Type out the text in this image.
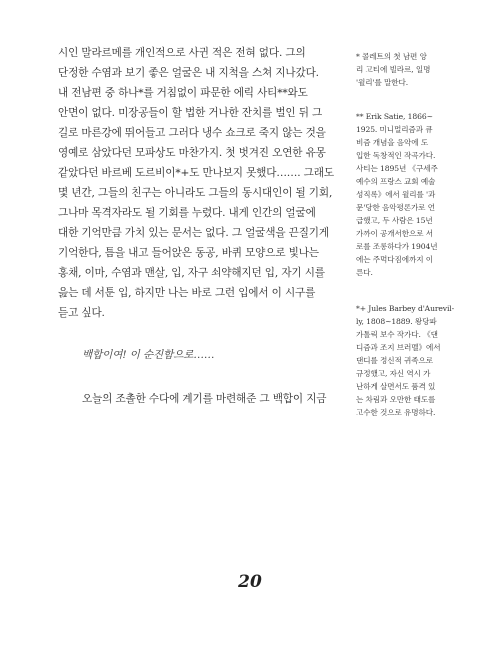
시인 말라르메를 개인적으로 사귄 적은 전혀 없다. 그의
단정한 수염과 보기 좋은 얼굴은 내 지척을 스쳐 지나갔다.
내 전남편 중 하나*를 거침없이 파문한 에릭 사티**와도
안면이 없다. 미장공들이 할 법한 거나한 잔치를 벌인 뒤 그
길로 마른강에 뛰어들고 그러다 냉수 쇼크로 죽지 않는 것을
영예로 삼았다던 모파상도 마찬가지. 첫 벗겨진 오연한 유몽
같았다던 바르베 도르비이*+도 만나보지 못했다……. 그래도
몇 년간, 그들의 친구는 아니라도 그들의 동시대인이 될 기회,
그나마 목격자라도 될 기회를 누렸다. 내게 인간의 얼굴에
대한 기억만큼 가치 있는 문서는 없다. 그 얼굴색을 끈질기게
기억한다, 틈을 내고 들어앉은 동공, 바퀴 모양으로 빛나는
홍채, 이마, 수염과 맨살, 입, 자구 쇠약해지던 입, 자기 시를
읊는 데 서툰 입, 하지만 나는 바로 그런 입에서 이 시구를
듣고 싶다.
백합이여! 이 순진함으로……
오늘의 조촐한 수다에 계기를 마련해준 그 백합이 지금
* 콜레트의 첫 남편 앙
리 고티에 빌라르, 일명
'윌리'를 말한다.
** Erik Satie, 1866~
1925. 미니멀리즘과 큐
비즘 개념을 음악에 도
입한 독창적인 작곡가다.
사티는 1895년 《구세주
예수의 프랑스 교회 예술
성직록》에서 윌리를 '과
문'당한 음악평론가로 언
급했고, 두 사람은 15년
가까이 공개서한으로 서
로를 조롱하다가 1904년
에는 주먹다짐에까지 이
른다.
*+ Jules Barbey d'Aurevil-
ly, 1808~1889. 왕당파
가톨릭 보수 작가다. 《댄
디즘과 조지 브러멜》에서
댄디를 정신적 귀족으로
규정했고, 자신 역시 가
난하게 살면서도 품격 있
는 차림과 오만한 태도를
고수한 것으로 유명하다.
20
